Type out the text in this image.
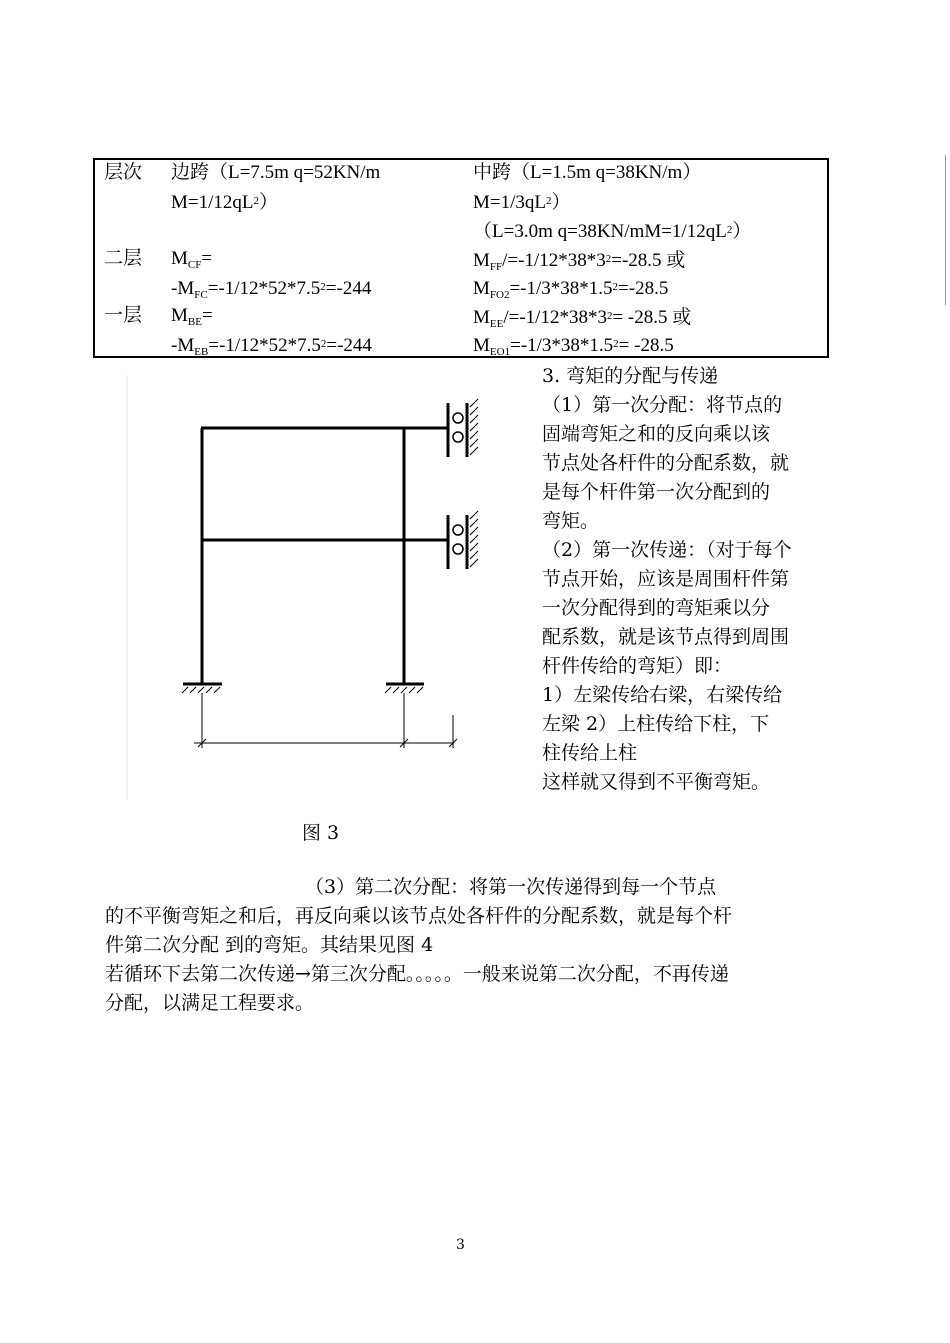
层次 边跨（L=7.5m q=52KN/m
$M=1/12qL^2$）
中跨（L=1.5m q=38KN/m）
$M=1/3qL^2$）
（L=3.0m $q=38KN/mM=1/12qL^2$）
二层 $M_{CF}=$
$-M_{FC}=-1/12*52*7.5^2=-244$
$M_{FF}/=-1/12*38*3^2=-28.5$ 或
$M_{FO2}=-1/3*38*1.5^2=-28.5$
一层 $M_{BE}=$
$-M_{EB}=-1/12*52*7.5^2=-244$
$M_{EE}/=-1/12*38*3^2= -28.5$ 或
$M_{EO1}=-1/3*38*1.5^2= -28.5$
图 3

3. 弯矩的分配与传递

（1）第一次分配：将节点的

固端弯矩之和的反向乘以该

节点处各杆件的分配系数，就

是每个杆件第一次分配到的

弯矩。

（2）第一次传递：（对于每个

节点开始，应该是周围杆件第

一次分配得到的弯矩乘以分

配系数，就是该节点得到周围

杆件传给的弯矩）即：

1）左梁传给右梁，右梁传给

左梁 2）上柱传给下柱，下

柱传给上柱

这样就又得到不平衡弯矩。

（3）第二次分配：将第一次传递得到每一个节点

的不平衡弯矩之和后，再反向乘以该节点处各杆件的分配系数，就是每个杆

件第二次分配 到的弯矩。其结果见图 4

若循环下去第二次传递→第三次分配。。。。。一般来说第二次分配，不再传递

分配，以满足工程要求。

3
